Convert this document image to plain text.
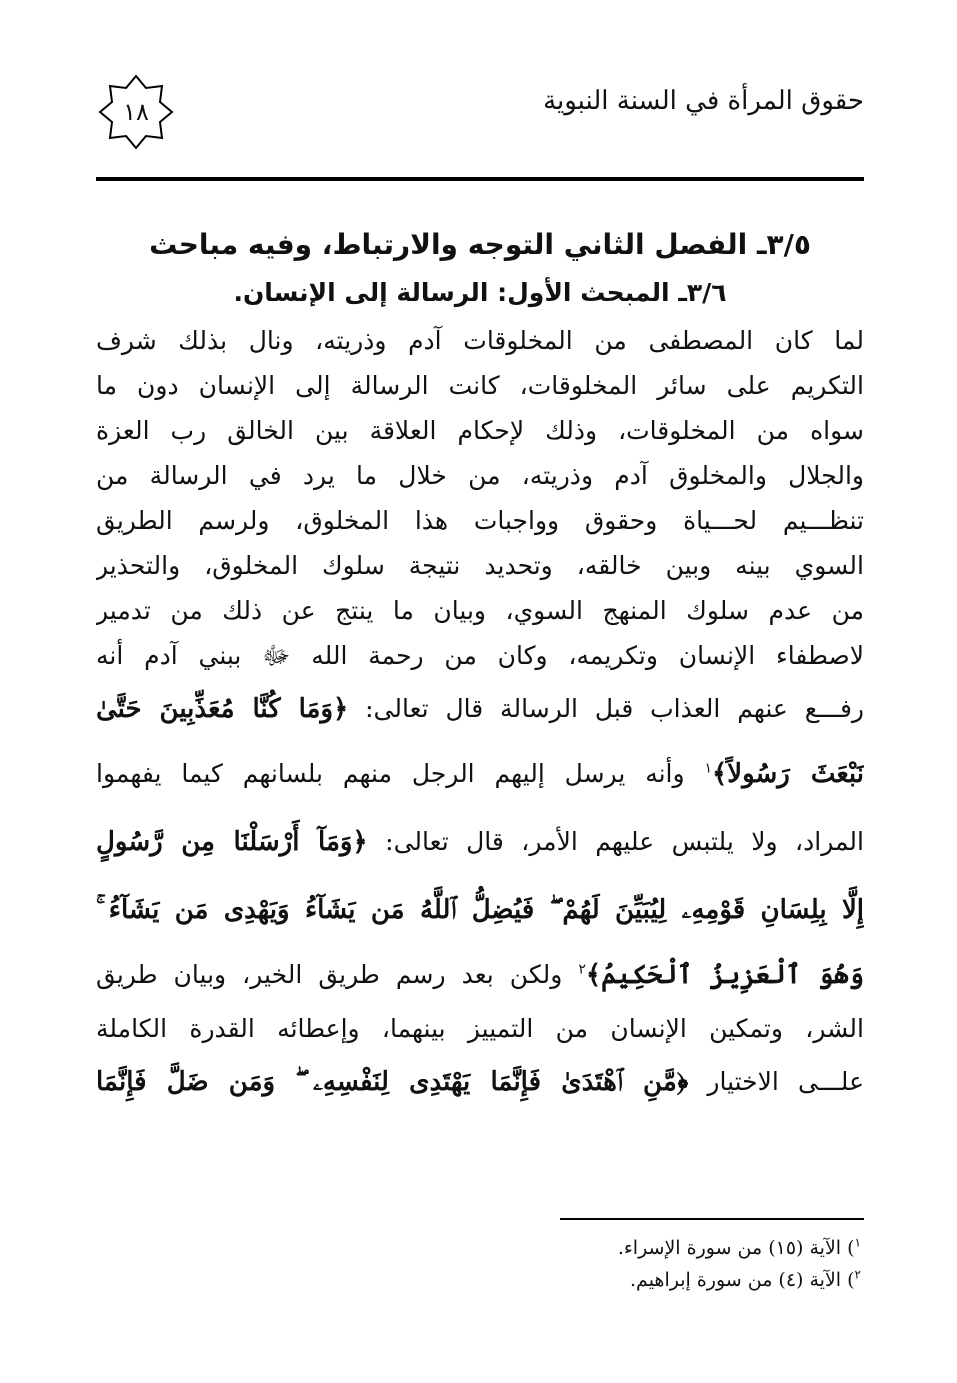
حقوق المرأة في السنة النبوية
١٨
٣/٥ـ الفصل الثاني التوجه والارتباط، وفيه مباحث
٣/٦ـ المبحث الأول: الرسالة إلى الإنسان.
لما كان المصطفى من المخلوقات آدم وذريته، ونال بذلك شرف
التكريم على سائر المخلوقات، كانت الرسالة إلى الإنسان دون ما
سواه من المخلوقات، وذلك لإحكام العلاقة بين الخالق رب العزة
والجلال والمخلوق آدم وذريته، من خلال ما يرد في الرسالة من
تنظـــيم لحـــياة وحقوق وواجبات هذا المخلوق، ولرسم الطريق
السوي بينه وبين خالقه، وتحديد نتيجة سلوك المخلوق، والتحذير
من عدم سلوك المنهج السوي، وبيان ما ينتج عن ذلك من تدمير
لاصطفاء الإنسان وتكريمه، وكان من رحمة الله ﷻ ببني آدم أنه
رفـــع عنهم العذاب قبل الرسالة قال تعالى: ﴿وَمَا كُنَّا مُعَذِّبِينَ حَتَّىٰ
نَبْعَثَ رَسُولاً﴾$^١$ وأنه يرسل إليهم الرجل منهم بلسانهم كيما يفهموا
المراد، ولا يلتبس عليهم الأمر، قال تعالى: ﴿وَمَآ أَرْسَلْنَا مِن رَّسُولٍ
إِلَّا بِلِسَانِ قَوْمِهِۦ لِيُبَيِّنَ لَهُمْ ۖ فَيُضِلُّ ٱللَّهُ مَن يَشَآءُ وَيَهْدِى مَن يَشَآءُ ۚ
وَهُوَ ٱلْعَزِيزُ ٱلْحَكِيمُ﴾$^٢$ ولكن بعد رسم طريق الخير، وبيان طريق
الشر، وتمكين الإنسان من التمييز بينهما، وإعطائه القدرة الكاملة
علـــى الاختيار ﴿مَّنِ ٱهْتَدَىٰ فَإِنَّمَا يَهْتَدِى لِنَفْسِهِۦ ۖ وَمَن ضَلَّ فَإِنَّمَا
$^١$) الآية (١٥) من سورة الإسراء.
$^٢$) الآية (٤) من سورة إبراهيم.
